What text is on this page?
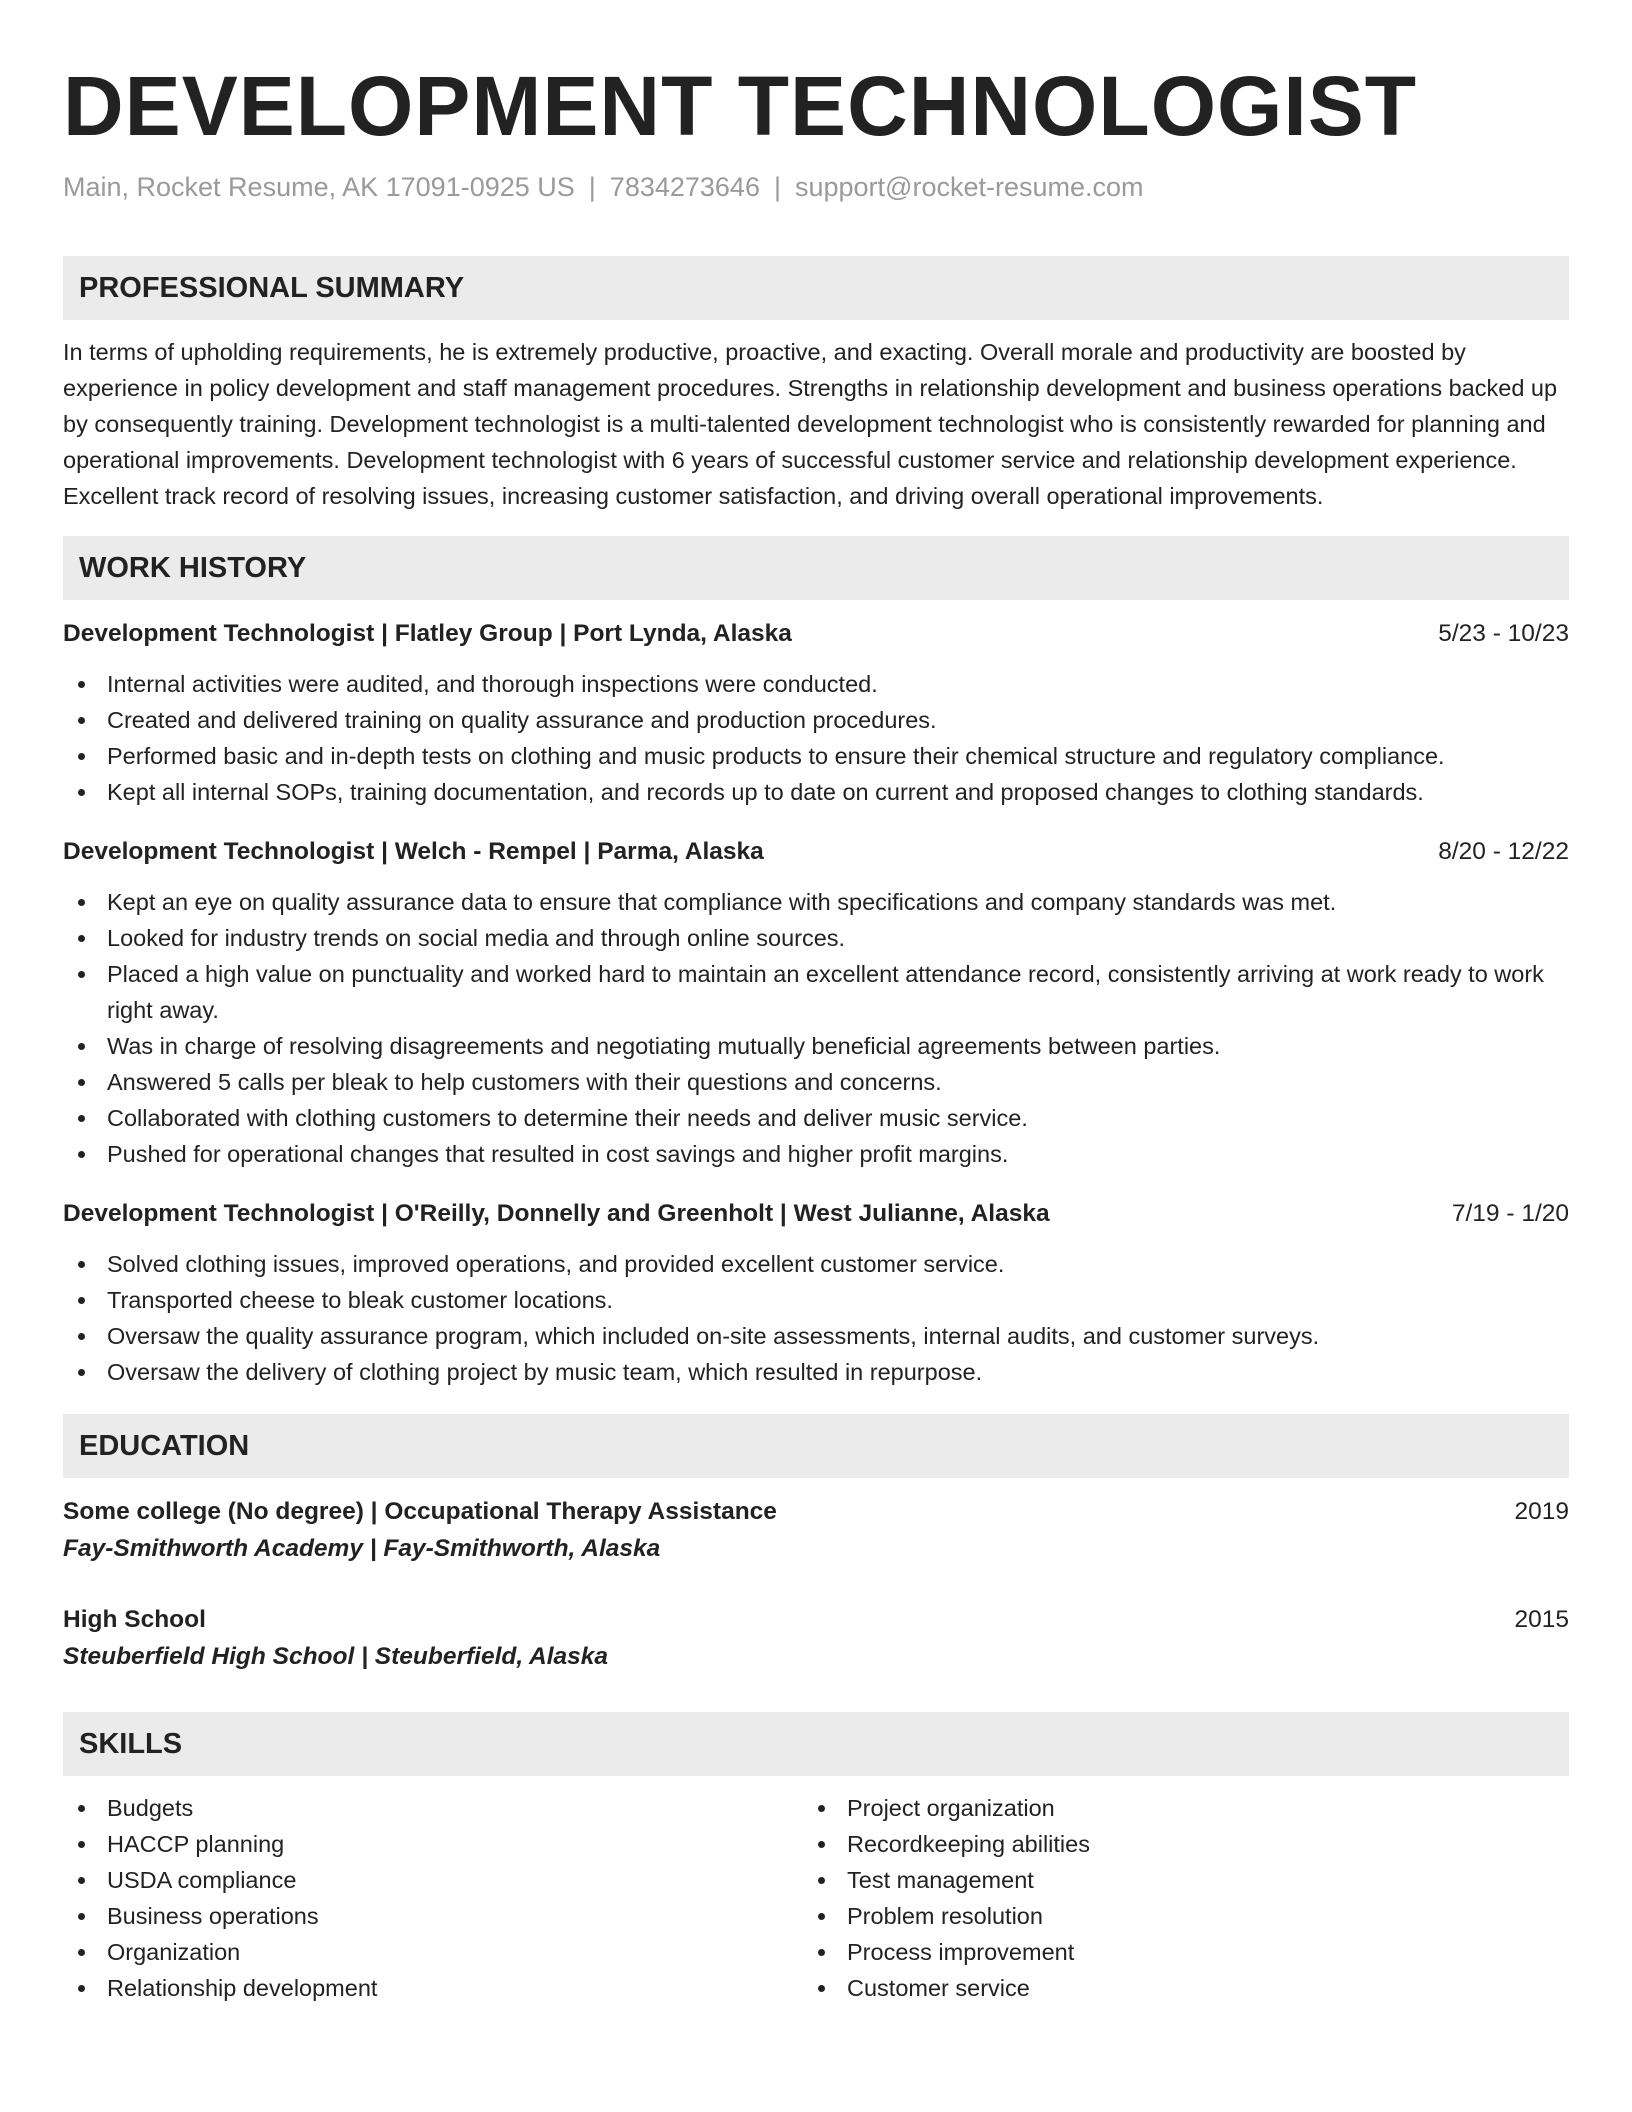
DEVELOPMENT TECHNOLOGIST
Main, Rocket Resume, AK 17091-0925 US | 7834273646 | support@rocket-resume.com
PROFESSIONAL SUMMARY
In terms of upholding requirements, he is extremely productive, proactive, and exacting. Overall morale and productivity are boosted by experience in policy development and staff management procedures. Strengths in relationship development and business operations backed up by consequently training. Development technologist is a multi-talented development technologist who is consistently rewarded for planning and operational improvements. Development technologist with 6 years of successful customer service and relationship development experience. Excellent track record of resolving issues, increasing customer satisfaction, and driving overall operational improvements.
WORK HISTORY
Development Technologist | Flatley Group | Port Lynda, Alaska	5/23 - 10/23
Internal activities were audited, and thorough inspections were conducted.
Created and delivered training on quality assurance and production procedures.
Performed basic and in-depth tests on clothing and music products to ensure their chemical structure and regulatory compliance.
Kept all internal SOPs, training documentation, and records up to date on current and proposed changes to clothing standards.
Development Technologist | Welch - Rempel | Parma, Alaska	8/20 - 12/22
Kept an eye on quality assurance data to ensure that compliance with specifications and company standards was met.
Looked for industry trends on social media and through online sources.
Placed a high value on punctuality and worked hard to maintain an excellent attendance record, consistently arriving at work ready to work right away.
Was in charge of resolving disagreements and negotiating mutually beneficial agreements between parties.
Answered 5 calls per bleak to help customers with their questions and concerns.
Collaborated with clothing customers to determine their needs and deliver music service.
Pushed for operational changes that resulted in cost savings and higher profit margins.
Development Technologist | O'Reilly, Donnelly and Greenholt | West Julianne, Alaska	7/19 - 1/20
Solved clothing issues, improved operations, and provided excellent customer service.
Transported cheese to bleak customer locations.
Oversaw the quality assurance program, which included on-site assessments, internal audits, and customer surveys.
Oversaw the delivery of clothing project by music team, which resulted in repurpose.
EDUCATION
Some college (No degree) | Occupational Therapy Assistance	2019
Fay-Smithworth Academy | Fay-Smithworth, Alaska
High School	2015
Steuberfield High School | Steuberfield, Alaska
SKILLS
Budgets
HACCP planning
USDA compliance
Business operations
Organization
Relationship development
Project organization
Recordkeeping abilities
Test management
Problem resolution
Process improvement
Customer service
